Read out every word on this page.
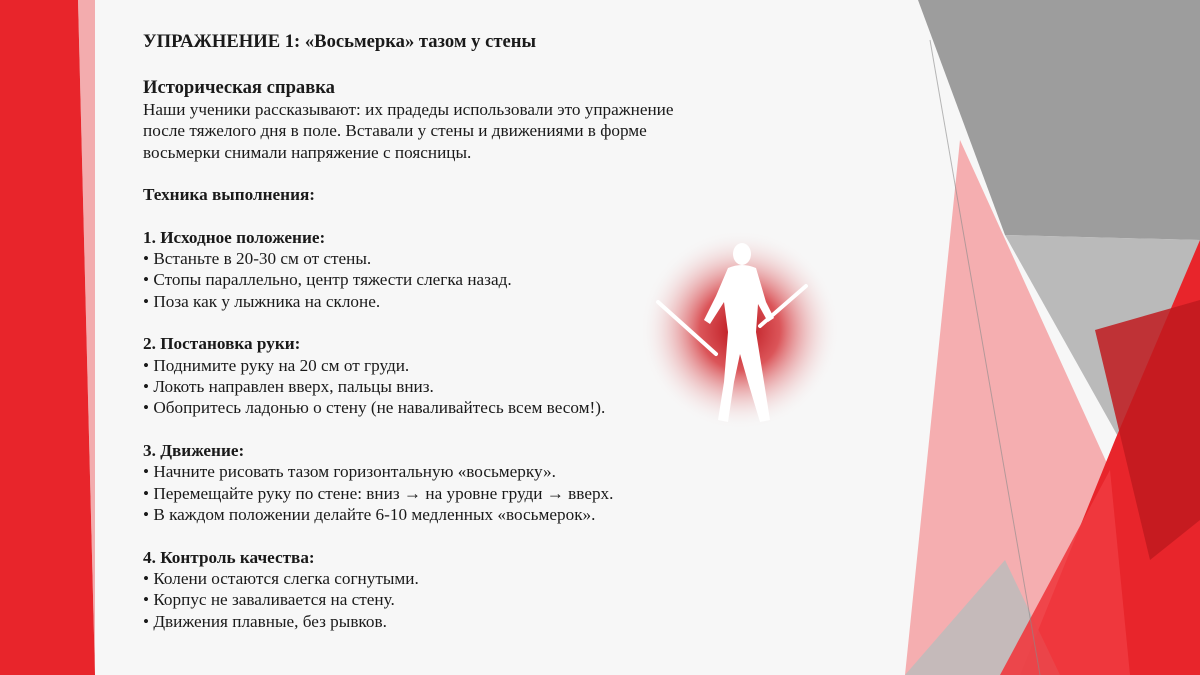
УПРАЖНЕНИЕ 1: «Восьмерка» тазом у стены
Историческая справка
Наши ученики рассказывают: их прадеды использовали это упражнение
после тяжелого дня в поле. Вставали у стены и движениями в форме
восьмерки снимали напряжение с поясницы.
Техника выполнения:
1. Исходное положение:
• Встаньте в 20-30 см от стены.
• Стопы параллельно, центр тяжести слегка назад.
• Поза как у лыжника на склоне.
2. Постановка руки:
• Поднимите руку на 20 см от груди.
• Локоть направлен вверх, пальцы вниз.
• Обопритесь ладонью о стену (не наваливайтесь всем весом!).
3. Движение:
• Начните рисовать тазом горизонтальную «восьмерку».
• Перемещайте руку по стене: вниз → на уровне груди → вверх.
• В каждом положении делайте 6-10 медленных «восьмерок».
4. Контроль качества:
• Колени остаются слегка согнутыми.
• Корпус не заваливается на стену.
• Движения плавные, без рывков.
